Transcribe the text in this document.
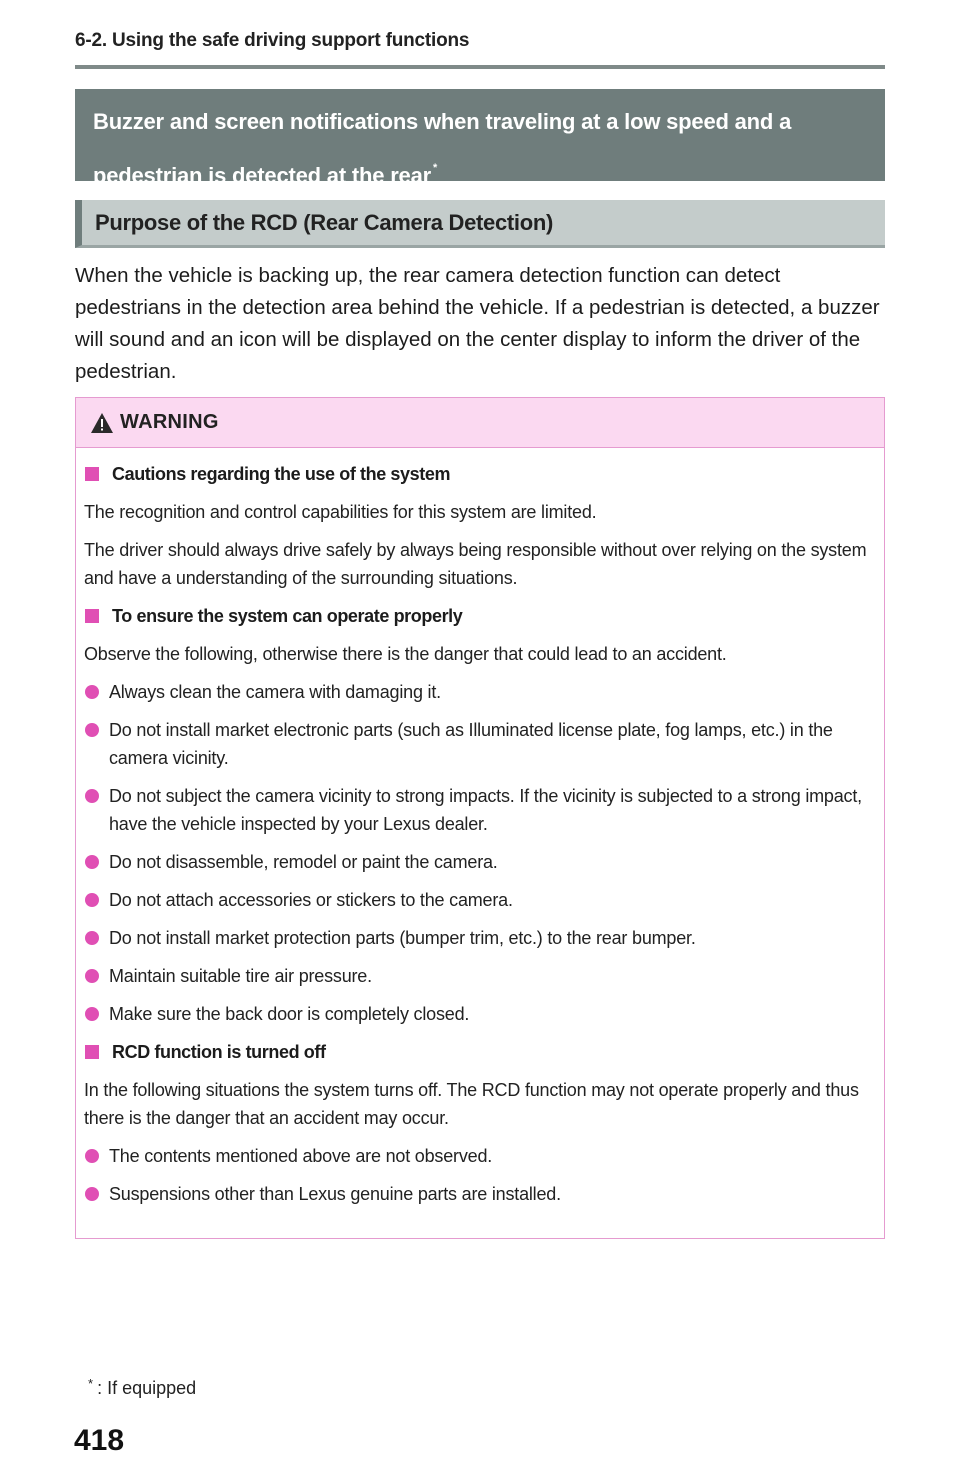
6-2. Using the safe driving support functions
Buzzer and screen notifications when traveling at a low speed and a
pedestrian is detected at the rear *
Purpose of the RCD (Rear Camera Detection)

When the vehicle is backing up, the rear camera detection function can detect pedestrians in the detection area behind the vehicle. If a pedestrian is detected, a buzzer will sound and an icon will be displayed on the center display to inform the driver of the pedestrian.

WARNING
Cautions regarding the use of the system

The recognition and control capabilities for this system are limited.

The driver should always drive safely by always being responsible without over relying on the system and have a understanding of the surrounding situations.

To ensure the system can operate properly

Observe the following, otherwise there is the danger that could lead to an accident.

Always clean the camera with damaging it.
Do not install market electronic parts (such as Illuminated license plate, fog lamps, etc.) in the camera vicinity.
Do not subject the camera vicinity to strong impacts. If the vicinity is subjected to a strong impact, have the vehicle inspected by your Lexus dealer.
Do not disassemble, remodel or paint the camera.
Do not attach accessories or stickers to the camera.
Do not install market protection parts (bumper trim, etc.) to the rear bumper.
Maintain suitable tire air pressure.
Make sure the back door is completely closed.
RCD function is turned off

In the following situations the system turns off. The RCD function may not operate properly and thus there is the danger that an accident may occur.

The contents mentioned above are not observed.
Suspensions other than Lexus genuine parts are installed.
* : If equipped
418
